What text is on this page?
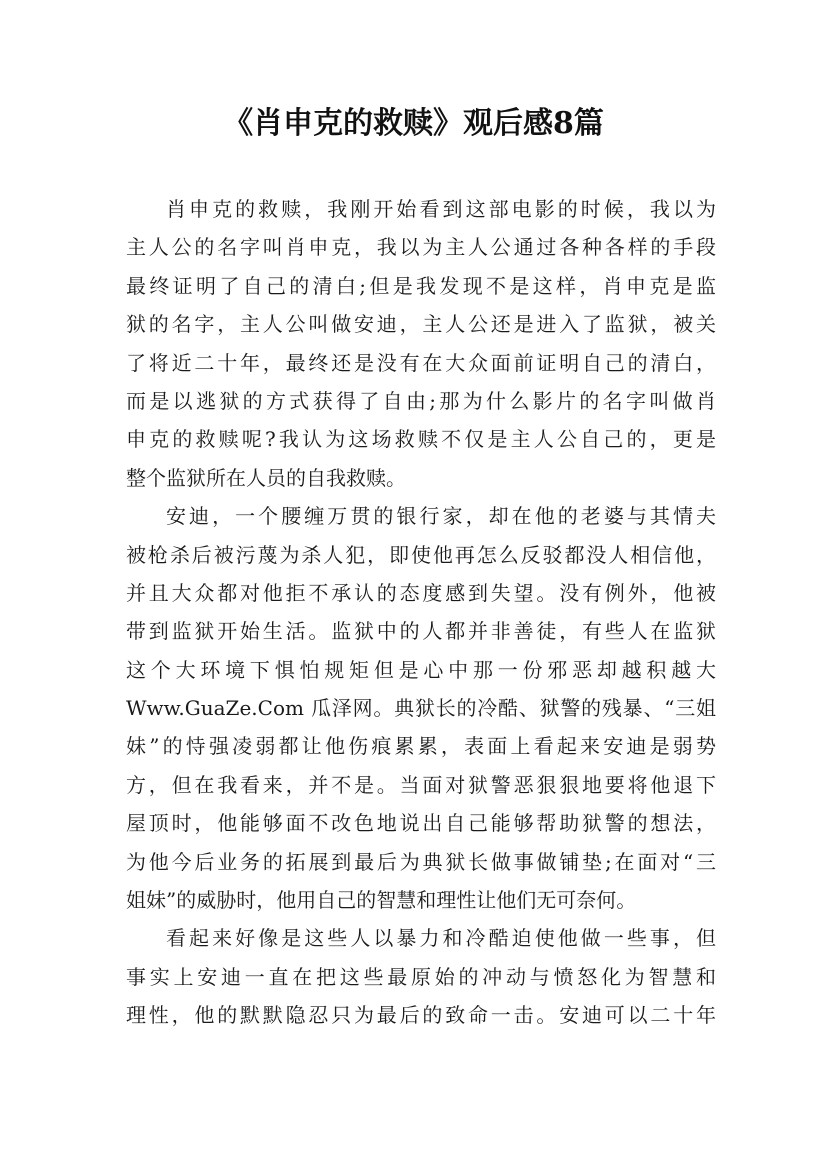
《肖申克的救赎》观后感8篇
肖申克的救赎，我刚开始看到这部电影的时候，我以为
主人公的名字叫肖申克，我以为主人公通过各种各样的手段
最终证明了自己的清白;但是我发现不是这样，肖申克是监
狱的名字，主人公叫做安迪，主人公还是进入了监狱，被关
了将近二十年，最终还是没有在大众面前证明自己的清白，
而是以逃狱的方式获得了自由;那为什么影片的名字叫做肖
申克的救赎呢?我认为这场救赎不仅是主人公自己的，更是
整个监狱所在人员的自我救赎。
安迪，一个腰缠万贯的银行家，却在他的老婆与其情夫
被枪杀后被污蔑为杀人犯，即使他再怎么反驳都没人相信他，
并且大众都对他拒不承认的态度感到失望。没有例外，他被
带到监狱开始生活。监狱中的人都并非善徒，有些人在监狱
这个大环境下惧怕规矩但是心中那一份邪恶却越积越大
Www.GuaZe.Com 瓜泽网。典狱长的冷酷、狱警的残暴、“三姐
妹”的恃强凌弱都让他伤痕累累，表面上看起来安迪是弱势
方，但在我看来，并不是。当面对狱警恶狠狠地要将他退下
屋顶时，他能够面不改色地说出自己能够帮助狱警的想法，
为他今后业务的拓展到最后为典狱长做事做铺垫;在面对“三
姐妹”的威胁时，他用自己的智慧和理性让他们无可奈何。
看起来好像是这些人以暴力和冷酷迫使他做一些事，但
事实上安迪一直在把这些最原始的冲动与愤怒化为智慧和
理性，他的默默隐忍只为最后的致命一击。安迪可以二十年
